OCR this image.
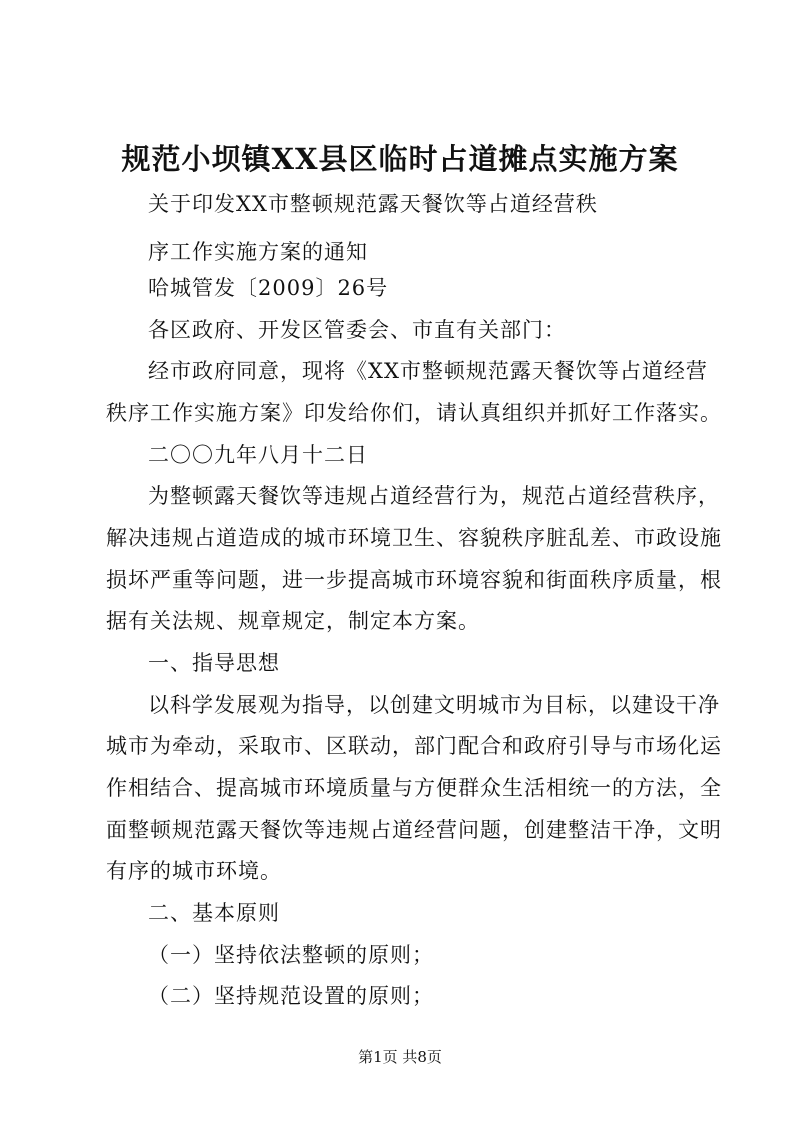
规范小坝镇XX县区临时占道摊点实施方案
关于印发XX市整顿规范露天餐饮等占道经营秩
序工作实施方案的通知
哈城管发〔2009〕26号
各区政府、开发区管委会、市直有关部门：
经市政府同意，现将《XX市整顿规范露天餐饮等占道经营
秩序工作实施方案》印发给你们，请认真组织并抓好工作落实。
二〇〇九年八月十二日
为整顿露天餐饮等违规占道经营行为，规范占道经营秩序，
解决违规占道造成的城市环境卫生、容貌秩序脏乱差、市政设施
损坏严重等问题，进一步提高城市环境容貌和街面秩序质量，根
据有关法规、规章规定，制定本方案。
一、指导思想
以科学发展观为指导，以创建文明城市为目标，以建设干净
城市为牵动，采取市、区联动，部门配合和政府引导与市场化运
作相结合、提高城市环境质量与方便群众生活相统一的方法，全
面整顿规范露天餐饮等违规占道经营问题，创建整洁干净，文明
有序的城市环境。
二、基本原则
（一）坚持依法整顿的原则；
（二）坚持规范设置的原则；
第1页 共8页
